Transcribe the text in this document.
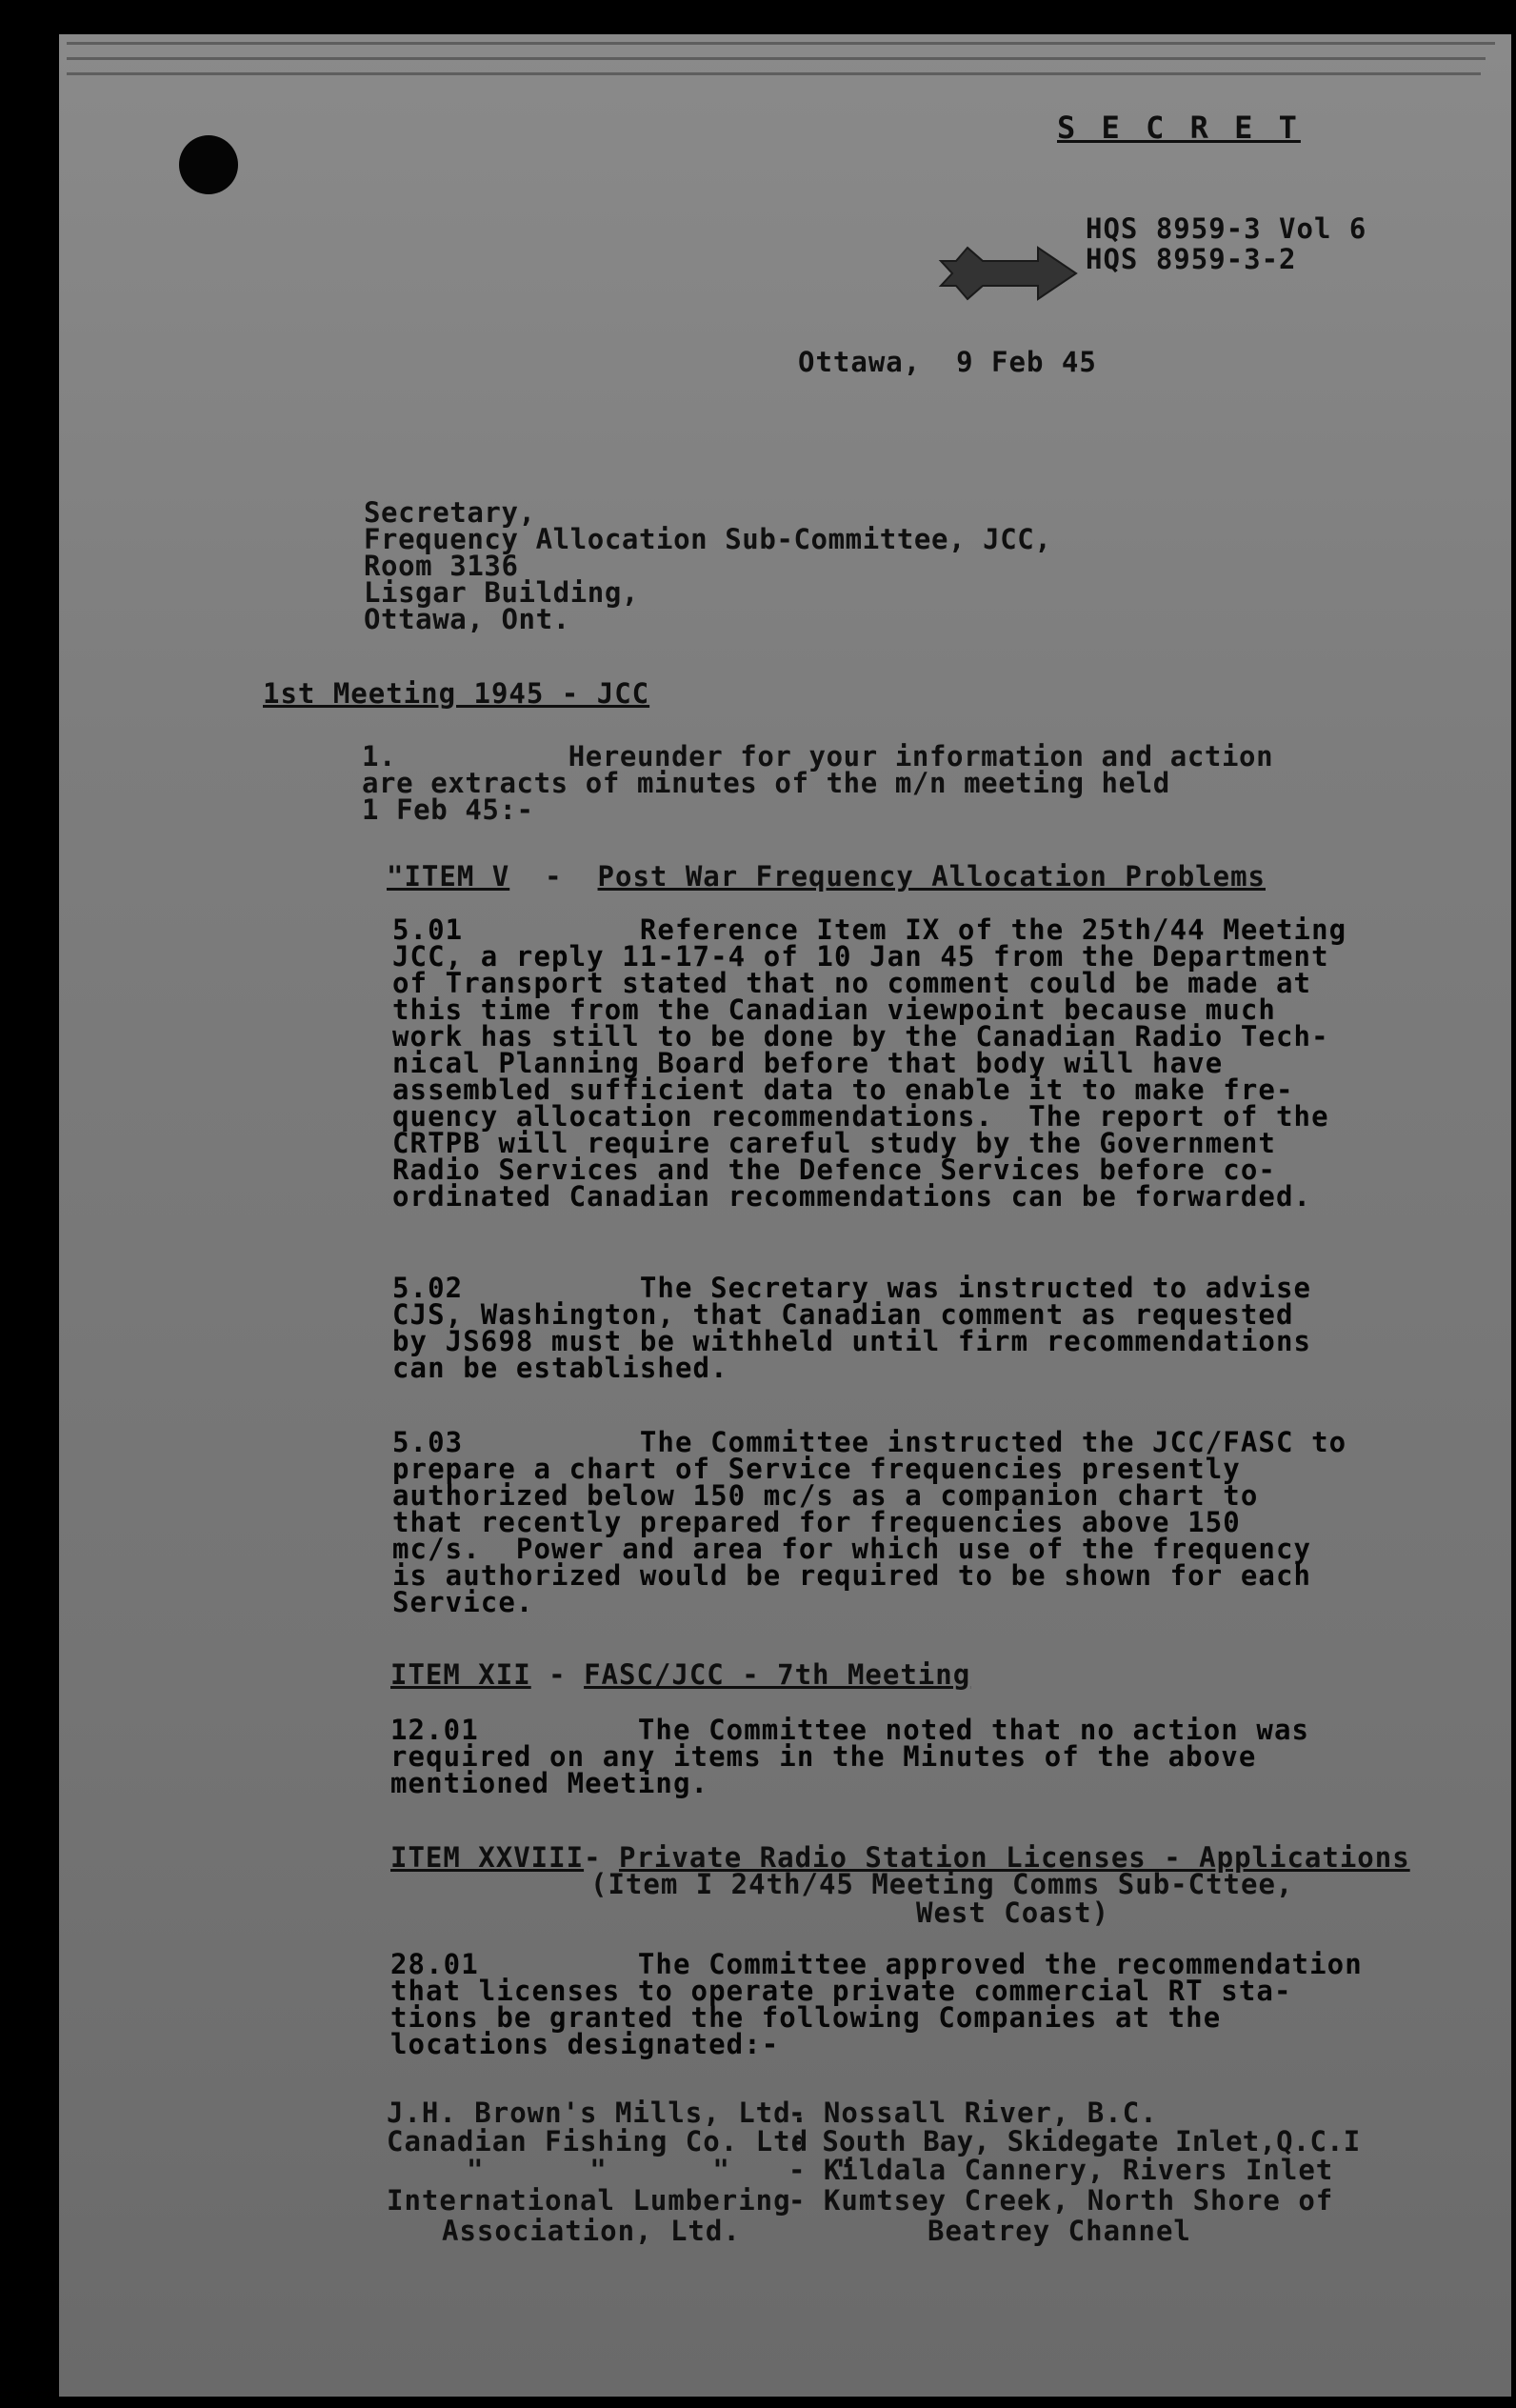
S E C R E T
HQS 8959-3 Vol 6
HQS 8959-3-2
Ottawa,  9 Feb 45
Secretary,
Frequency Allocation Sub-Committee, JCC,
Room 3136
Lisgar Building,
Ottawa, Ont.
1st Meeting 1945 - JCC
1.          Hereunder for your information and action
are extracts of minutes of the m/n meeting held
1 Feb 45:-
"ITEM V  -  Post War Frequency Allocation Problems
5.01          Reference Item IX of the 25th/44 Meeting
JCC, a reply 11-17-4 of 10 Jan 45 from the Department
of Transport stated that no comment could be made at
this time from the Canadian viewpoint because much
work has still to be done by the Canadian Radio Tech-
nical Planning Board before that body will have
assembled sufficient data to enable it to make fre-
quency allocation recommendations.  The report of the
CRTPB will require careful study by the Government
Radio Services and the Defence Services before co-
ordinated Canadian recommendations can be forwarded.
5.02          The Secretary was instructed to advise
CJS, Washington, that Canadian comment as requested
by JS698 must be withheld until firm recommendations
can be established.
5.03          The Committee instructed the JCC/FASC to
prepare a chart of Service frequencies presently
authorized below 150 mc/s as a companion chart to
that recently prepared for frequencies above 150
mc/s.  Power and area for which use of the frequency
is authorized would be required to be shown for each
Service.
ITEM XII - FASC/JCC - 7th Meeting
12.01         The Committee noted that no action was
required on any items in the Minutes of the above
mentioned Meeting.
ITEM XXVIII- Private Radio Station Licenses - Applications
(Item I 24th/45 Meeting Comms Sub-Cttee,
West Coast)
28.01         The Committee approved the recommendation
that licenses to operate private commercial RT sta-
tions be granted the following Companies at the
locations designated:-
J.H. Brown's Mills, Ltd.
- Nossall River, B.C.
Canadian Fishing Co. Ltd
- South Bay, Skidegate Inlet,Q.C.I
"      "      "      "
- Kildala Cannery, Rivers Inlet
International Lumbering
- Kumtsey Creek, North Shore of
Association, Ltd.	Beatrey Channel
